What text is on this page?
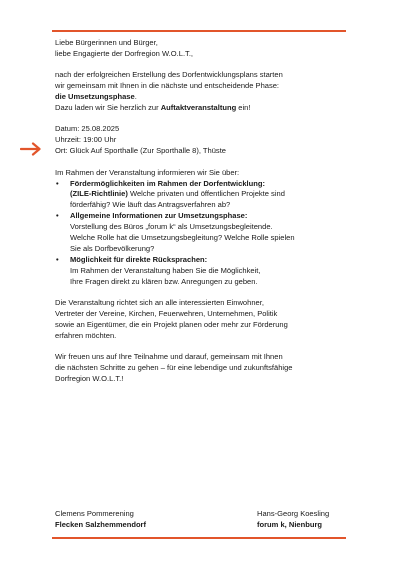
Liebe Bürgerinnen und Bürger,

liebe Engagierte der Dorfregion W.O.L.T.,

nach der erfolgreichen Erstellung des Dorfentwicklungsplans starten

wir gemeinsam mit Ihnen in die nächste und entscheidende Phase:

die Umsetzungsphase.

Dazu laden wir Sie herzlich zur Auftaktveranstaltung ein!

Datum: 25.08.2025

Uhrzeit: 19:00 Uhr

Ort: Glück Auf Sporthalle (Zur Sporthalle 8), Thüste

Im Rahmen der Veranstaltung informieren wir Sie über:

• Fördermöglichkeiten im Rahmen der Dorfentwicklung:
(ZILE-Richtlinie) Welche privaten und öffentlichen Projekte sind
förderfähig? Wie läuft das Antragsverfahren ab?
• Allgemeine Informationen zur Umsetzungsphase:
Vorstellung des Büros „forum k“ als Umsetzungsbegleitende.
Welche Rolle hat die Umsetzungsbegleitung? Welche Rolle spielen
Sie als Dorfbevölkerung?
• Möglichkeit für direkte Rücksprachen:
Im Rahmen der Veranstaltung haben Sie die Möglichkeit,
Ihre Fragen direkt zu klären bzw. Anregungen zu geben.

Die Veranstaltung richtet sich an alle interessierten Einwohner,

Vertreter der Vereine, Kirchen, Feuerwehren, Unternehmen, Politik

sowie an Eigentümer, die ein Projekt planen oder mehr zur Förderung

erfahren möchten.

Wir freuen uns auf Ihre Teilnahme und darauf, gemeinsam mit Ihnen

die nächsten Schritte zu gehen – für eine lebendige und zukunftsfähige

Dorfregion W.O.L.T.!

Clemens Pommerening
Flecken Salzhemmendorf
Hans-Georg Koesling
forum k, Nienburg
